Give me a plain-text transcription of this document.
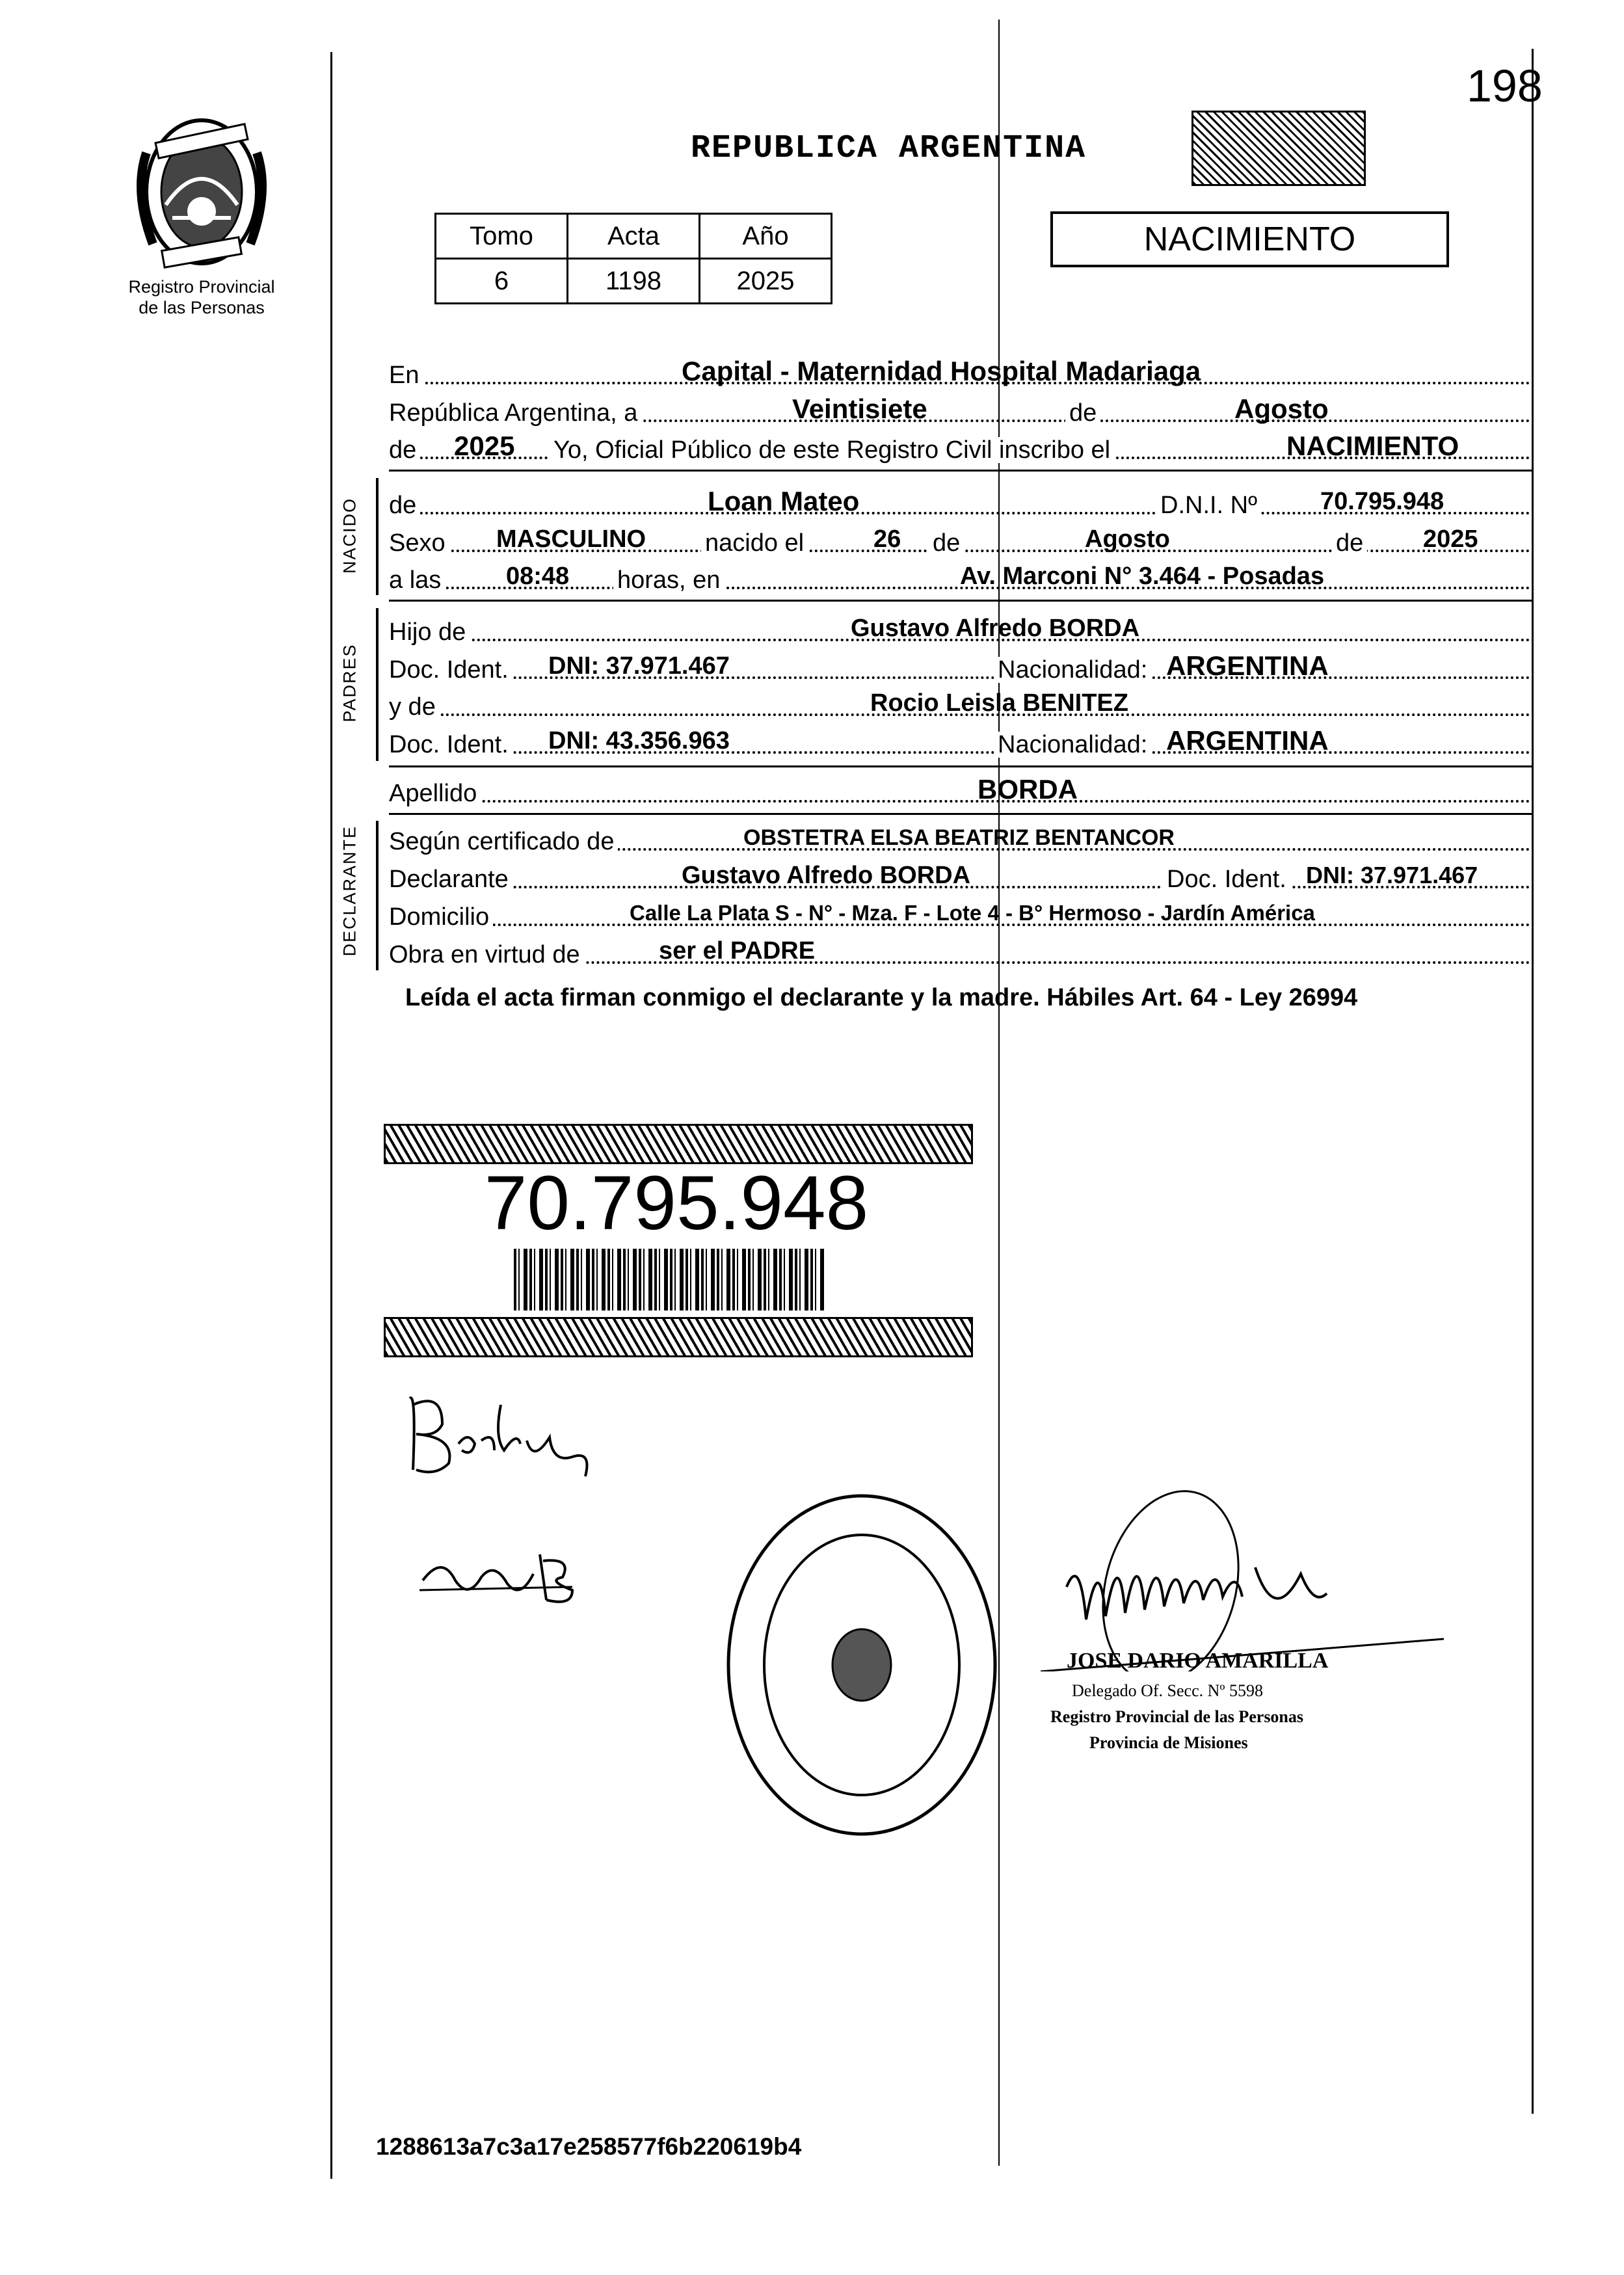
198
Registro Provincial
de las Personas
REPUBLICA ARGENTINA
Tomo	Acta	Año
6	1198	2025
NACIMIENTO
En	Capital - Maternidad Hospital Madariaga
República Argentina, a	Veintisiete	de	Agosto
de 2025 Yo, Oficial Público de este Registro Civil inscribo el	NACIMIENTO
NACIDO de	Loan Mateo	D.N.I. Nº	70.795.948
Sexo MASCULINO nacido el	26 de	Agosto	de 2025
a las	08:48 horas, en	Av. Marconi N° 3.464 - Posadas
PADRES
Hijo de	Gustavo Alfredo BORDA
Doc. Ident. DNI: 37.971.467	Nacionalidad: ARGENTINA
y de	Rocio Leisla BENITEZ
Doc. Ident. DNI: 43.356.963	Nacionalidad: ARGENTINA
Apellido	BORDA
DECLARANTE Según certificado de	OBSTETRA ELSA BEATRIZ BENTANCOR
Declarante	Gustavo Alfredo BORDA	Doc. Ident. DNI: 37.971.467
Domicilio	Calle La Plata S - N° - Mza. F - Lote 4 - B° Hermoso - Jardín América
Obra en virtud de	ser el PADRE
Leída el acta firman conmigo el declarante y la madre. Hábiles Art. 64 - Ley 26994
70.795.948
JOSE DARIO AMARILLA
Delegado Of. Secc. Nº 5598
Registro Provincial de las Personas
Provincia de Misiones
1288613a7c3a17e258577f6b220619b4
